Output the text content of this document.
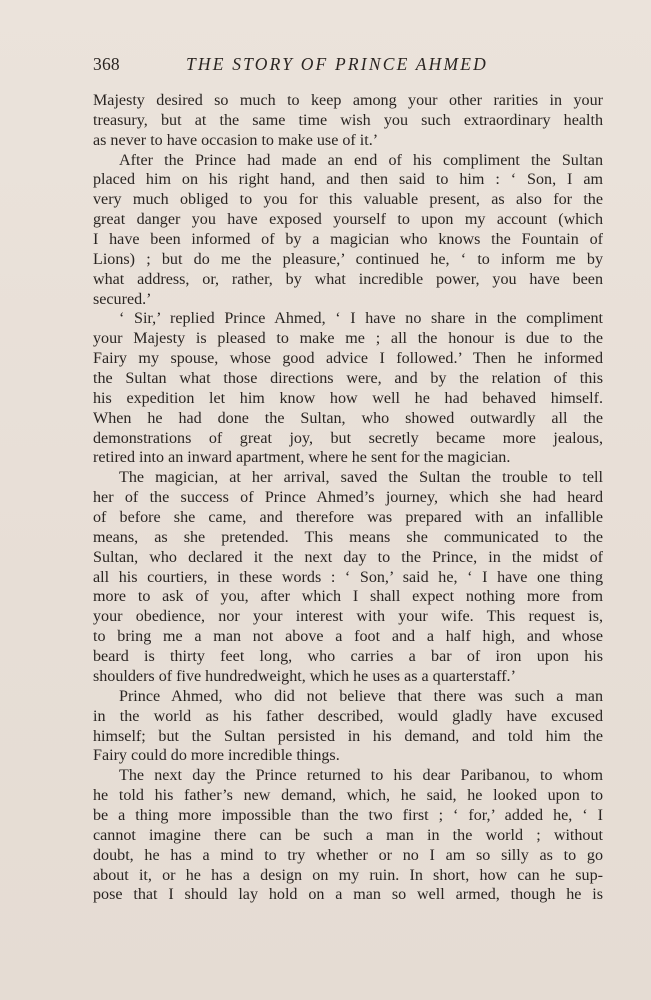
368	THE STORY OF PRINCE AHMED
Majesty desired so much to keep among your other rarities in your
treasury, but at the same time wish you such extraordinary health
as never to have occasion to make use of it.’
After the Prince had made an end of his compliment the Sultan
placed him on his right hand, and then said to him : ‘ Son, I am
very much obliged to you for this valuable present, as also for the
great danger you have exposed yourself to upon my account (which
I have been informed of by a magician who knows the Fountain of
Lions) ; but do me the pleasure,’ continued he, ‘ to inform me by
what address, or, rather, by what incredible power, you have been
secured.’
‘ Sir,’ replied Prince Ahmed, ‘ I have no share in the compliment
your Majesty is pleased to make me ; all the honour is due to the
Fairy my spouse, whose good advice I followed.’ Then he informed
the Sultan what those directions were, and by the relation of this
his expedition let him know how well he had behaved himself.
When he had done the Sultan, who showed outwardly all the
demonstrations of great joy, but secretly became more jealous,
retired into an inward apartment, where he sent for the magician.
The magician, at her arrival, saved the Sultan the trouble to tell
her of the success of Prince Ahmed’s journey, which she had heard
of before she came, and therefore was prepared with an infallible
means, as she pretended. This means she communicated to the
Sultan, who declared it the next day to the Prince, in the midst of
all his courtiers, in these words : ‘ Son,’ said he, ‘ I have one thing
more to ask of you, after which I shall expect nothing more from
your obedience, nor your interest with your wife. This request is,
to bring me a man not above a foot and a half high, and whose
beard is thirty feet long, who carries a bar of iron upon his
shoulders of five hundredweight, which he uses as a quarterstaff.’
Prince Ahmed, who did not believe that there was such a man
in the world as his father described, would gladly have excused
himself; but the Sultan persisted in his demand, and told him the
Fairy could do more incredible things.
The next day the Prince returned to his dear Paribanou, to whom
he told his father’s new demand, which, he said, he looked upon to
be a thing more impossible than the two first ; ‘ for,’ added he, ‘ I
cannot imagine there can be such a man in the world ; without
doubt, he has a mind to try whether or no I am so silly as to go
about it, or he has a design on my ruin. In short, how can he sup-
pose that I should lay hold on a man so well armed, though he is
